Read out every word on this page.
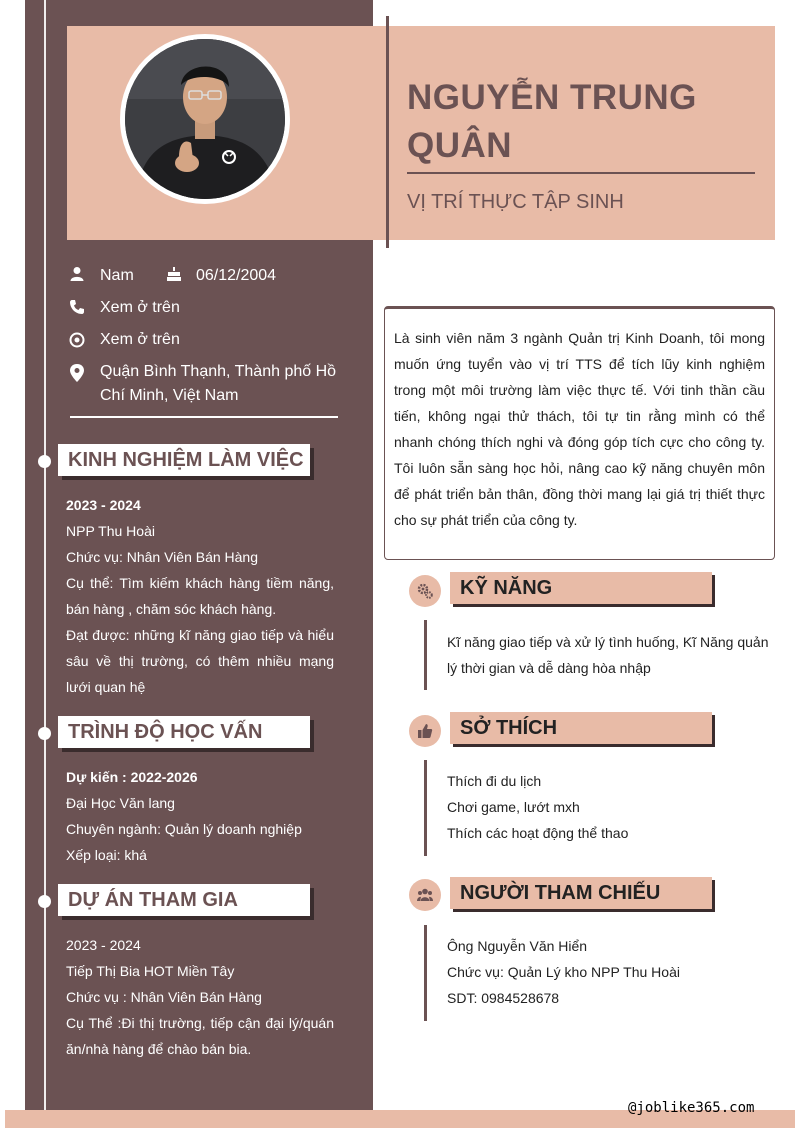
NGUYỄN TRUNG QUÂN
VỊ TRÍ THỰC TẬP SINH
Nam	06/12/2004
Xem ở trên
Xem ở trên
Quận Bình Thạnh, Thành phố Hồ Chí Minh, Việt Nam
KINH NGHIỆM LÀM VIỆC
2023 - 2024
NPP Thu Hoài
Chức vụ: Nhân Viên Bán Hàng
Cụ thể: Tìm kiếm khách hàng tiềm năng, bán hàng , chăm sóc khách hàng.
Đạt được: những kĩ năng giao tiếp và hiểu sâu về thị trường, có thêm nhiều mạng lưới quan hệ
TRÌNH ĐỘ HỌC VẤN
Dự kiến : 2022-2026
Đại Học Văn lang
Chuyên ngành: Quản lý doanh nghiệp
Xếp loại: khá
DỰ ÁN THAM GIA
2023 - 2024
Tiếp Thị Bia HOT Miền Tây
Chức vụ : Nhân Viên Bán Hàng
Cụ Thể :Đi thị trường, tiếp cận đại lý/quán ăn/nhà hàng để chào bán bia.
Là sinh viên năm 3 ngành Quản trị Kinh Doanh, tôi mong muốn ứng tuyển vào vị trí TTS để tích lũy kinh nghiệm trong một môi trường làm việc thực tế. Với tinh thần cầu tiến, không ngại thử thách, tôi tự tin rằng mình có thể nhanh chóng thích nghi và đóng góp tích cực cho công ty. Tôi luôn sẵn sàng học hỏi, nâng cao kỹ năng chuyên môn để phát triển bản thân, đồng thời mang lại giá trị thiết thực cho sự phát triển của công ty.
KỸ NĂNG
Kĩ năng giao tiếp và xử lý tình huống, Kĩ Năng quản lý thời gian và dễ dàng hòa nhập
SỞ THÍCH
Thích đi du lịch
Chơi game, lướt mxh
Thích các hoạt động thể thao
NGƯỜI THAM CHIẾU
Ông Nguyễn Văn Hiển
Chức vụ: Quản Lý kho NPP Thu Hoài
SDT: 0984528678
@joblike365.com
